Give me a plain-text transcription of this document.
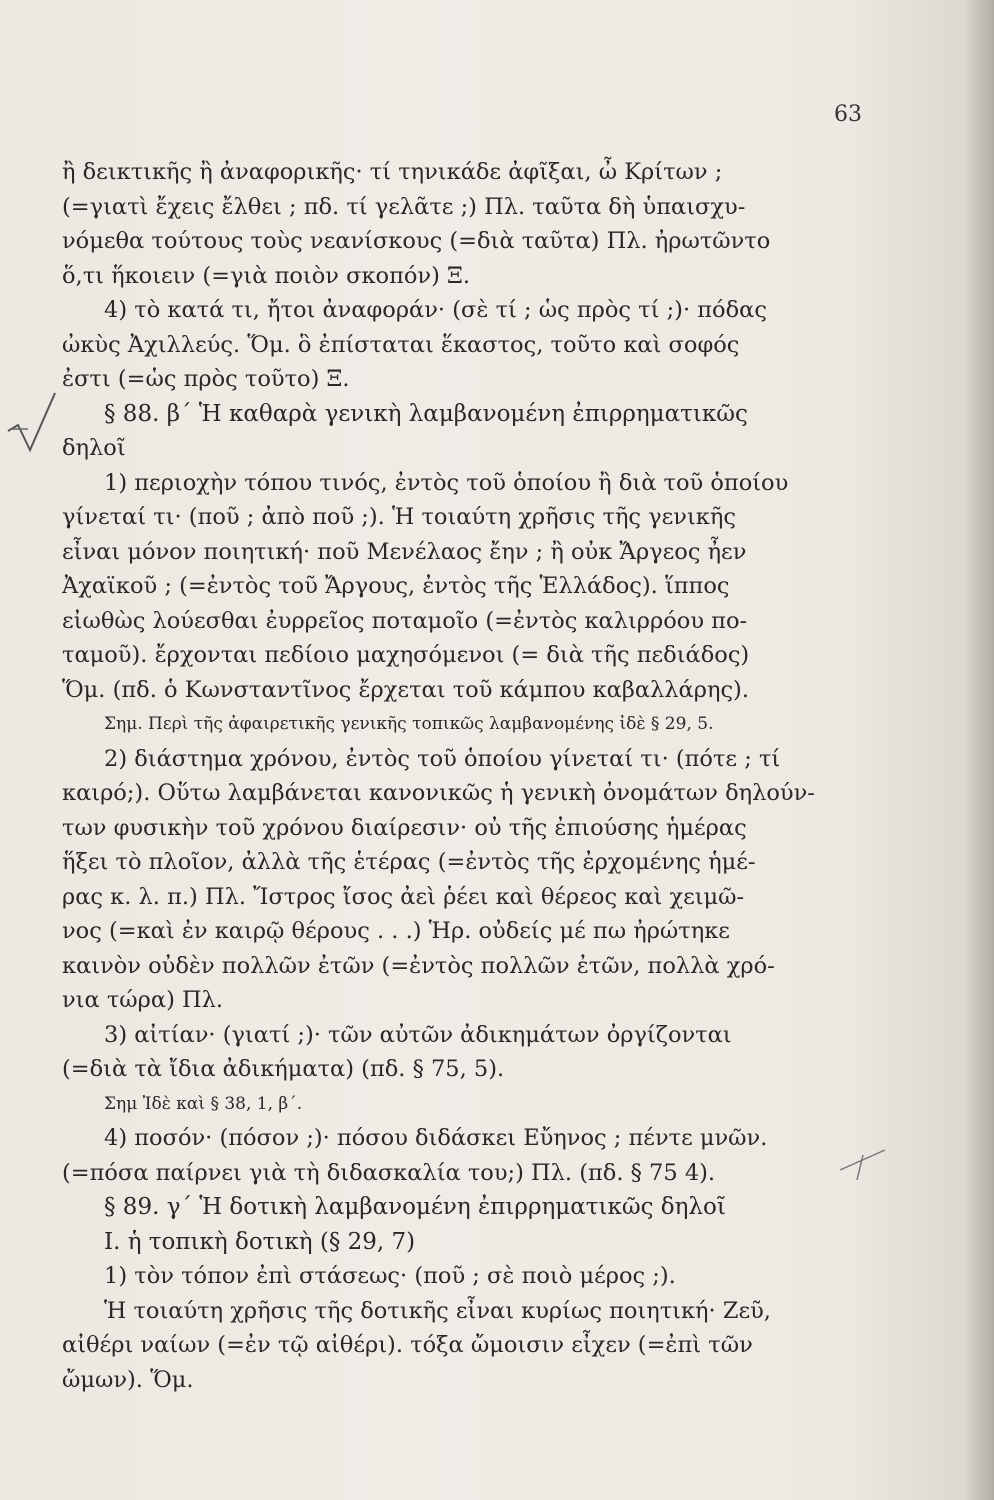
63
ἢ δεικτικῆς ἢ ἀναφορικῆς· τί τηνικάδε ἀφῖξαι, ὦ Κρίτων ;
(=γιατὶ ἔχεις ἔλθει ; πδ. τί γελᾶτε ;) Πλ. ταῦτα δὴ ὑπαισχυ-
νόμεθα τούτους τοὺς νεανίσκους (=διὰ ταῦτα) Πλ. ἠρωτῶντο
ὅ,τι ἥκοιειν (=γιὰ ποιὸν σκοπόν) Ξ.
4) τὸ κατά τι, ἤτοι ἀναφοράν· (σὲ τί ; ὡς πρὸς τί ;)· πόδας
ὠκὺς Ἀχιλλεύς. Ὅμ. ὃ ἐπίσταται ἕκαστος, τοῦτο καὶ σοφός
ἐστι (=ὡς πρὸς τοῦτο) Ξ.
§ 88. β΄ Ἡ καθαρὰ γενικὴ λαμβανομένη ἐπιρρηματικῶς
δηλοῖ
1) περιοχὴν τόπου τινός, ἐντὸς τοῦ ὁποίου ἢ διὰ τοῦ ὁποίου
γίνεταί τι· (ποῦ ; ἀπὸ ποῦ ;). Ἡ τοιαύτη χρῆσις τῆς γενικῆς
εἶναι μόνον ποιητική· ποῦ Μενέλαος ἔην ; ἢ οὐκ Ἄργεος ἦεν
Ἀχαϊκοῦ ; (=ἐντὸς τοῦ Ἄργους, ἐντὸς τῆς Ἑλλάδος). ἵππος
εἰωθὼς λούεσθαι ἐυρρεῖος ποταμοῖο (=ἐντὸς καλιρρόου πο-
ταμοῦ). ἔρχονται πεδίοιο μαχησόμενοι (= διὰ τῆς πεδιάδος)
Ὅμ. (πδ. ὁ Κωνσταντῖνος ἔρχεται τοῦ κάμπου καβαλλάρης).
Σημ. Περὶ τῆς ἀφαιρετικῆς γενικῆς τοπικῶς λαμβανομένης ἰδὲ § 29, 5.
2) διάστημα χρόνου, ἐντὸς τοῦ ὁποίου γίνεταί τι· (πότε ; τί
καιρό;). Οὕτω λαμβάνεται κανονικῶς ἡ γενικὴ ὀνομάτων δηλούν-
των φυσικὴν τοῦ χρόνου διαίρεσιν· οὐ τῆς ἐπιούσης ἡμέρας
ἥξει τὸ πλοῖον, ἀλλὰ τῆς ἑτέρας (=ἐντὸς τῆς ἐρχομένης ἡμέ-
ρας κ. λ. π.) Πλ. Ἴστρος ἴσος ἀεὶ ῥέει καὶ θέρεος καὶ χειμῶ-
νος (=καὶ ἐν καιρῷ θέρους . . .) Ἡρ. οὐδείς μέ πω ἠρώτηκε
καινὸν οὐδὲν πολλῶν ἐτῶν (=ἐντὸς πολλῶν ἐτῶν, πολλὰ χρό-
νια τώρα) Πλ.
3) αἰτίαν· (γιατί ;)· τῶν αὐτῶν ἀδικημάτων ὀργίζονται
(=διὰ τὰ ἴδια ἀδικήματα) (πδ. § 75, 5).
Σημ Ἰδὲ καὶ § 38, 1, β΄.
4) ποσόν· (πόσον ;)· πόσου διδάσκει Εὔηνος ; πέντε μνῶν.
(=πόσα παίρνει γιὰ τὴ διδασκαλία του;) Πλ. (πδ. § 75 4).
§ 89. γ΄ Ἡ δοτικὴ λαμβανομένη ἐπιρρηματικῶς δηλοῖ
Ι. ἡ τοπικὴ δοτικὴ (§ 29, 7)
1) τὸν τόπον ἐπὶ στάσεως· (ποῦ ; σὲ ποιὸ μέρος ;).
Ἡ τοιαύτη χρῆσις τῆς δοτικῆς εἶναι κυρίως ποιητική· Ζεῦ,
αἰθέρι ναίων (=ἐν τῷ αἰθέρι). τόξα ὤμοισιν εἶχεν (=ἐπὶ τῶν
ὤμων). Ὅμ.
